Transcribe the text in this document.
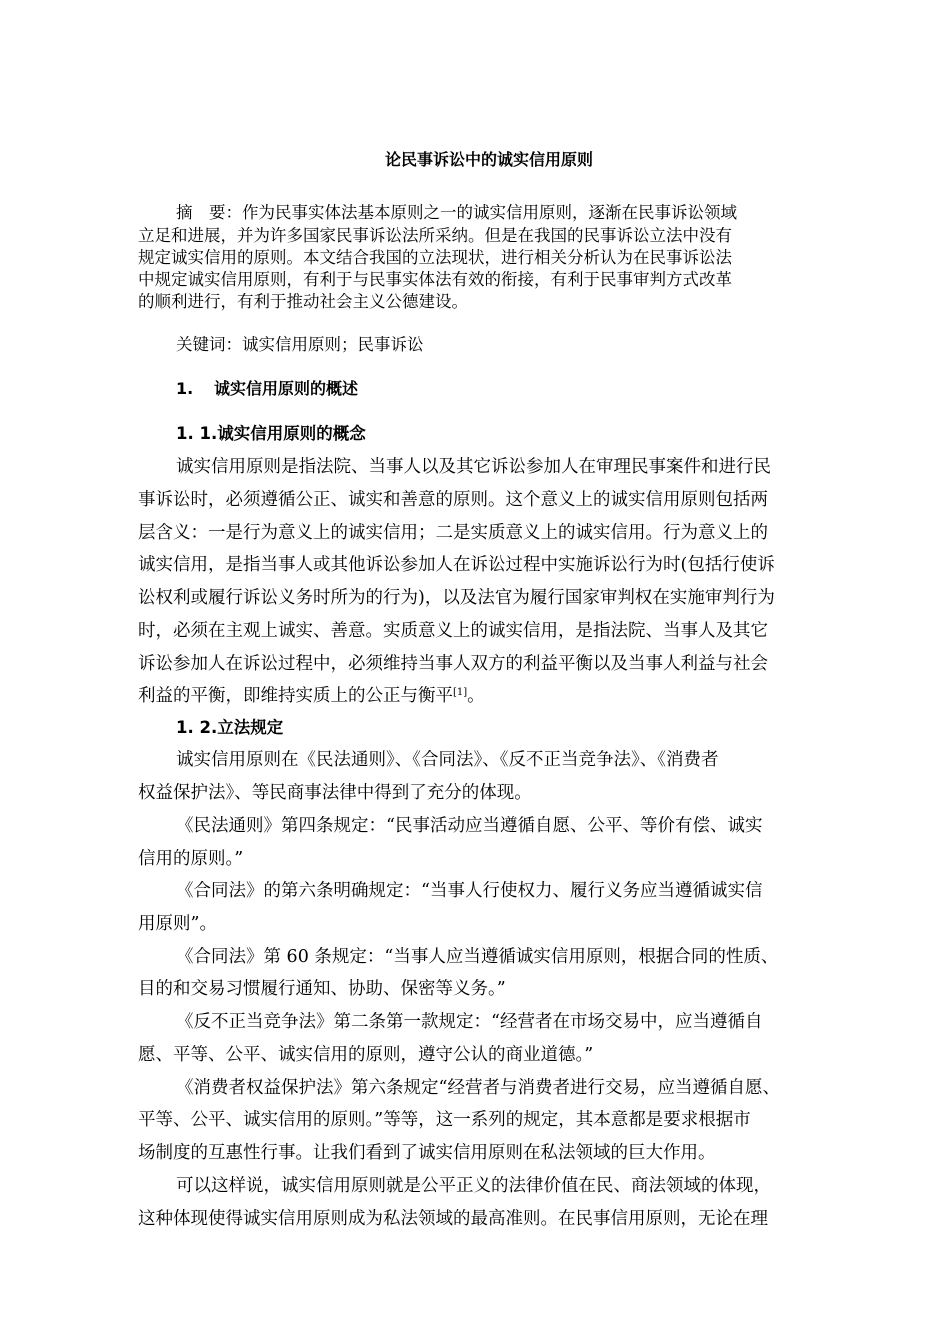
论民事诉讼中的诚实信用原则

摘　要：作为民事实体法基本原则之一的诚实信用原则，逐渐在民事诉讼领域

立足和进展，并为许多国家民事诉讼法所采纳。但是在我国的民事诉讼立法中没有

规定诚实信用的原则。本文结合我国的立法现状，进行相关分析认为在民事诉讼法

中规定诚实信用原则，有利于与民事实体法有效的衔接，有利于民事审判方式改革

的顺利进行，有利于推动社会主义公德建设。

关键词：诚实信用原则；民事诉讼

1. 诚实信用原则的概述

1. 1.诚实信用原则的概念

诚实信用原则是指法院、当事人以及其它诉讼参加人在审理民事案件和进行民

事诉讼时，必须遵循公正、诚实和善意的原则。这个意义上的诚实信用原则包括两

层含义：一是行为意义上的诚实信用；二是实质意义上的诚实信用。行为意义上的

诚实信用，是指当事人或其他诉讼参加人在诉讼过程中实施诉讼行为时(包括行使诉

讼权利或履行诉讼义务时所为的行为)，以及法官为履行国家审判权在实施审判行为

时，必须在主观上诚实、善意。实质意义上的诚实信用，是指法院、当事人及其它

诉讼参加人在诉讼过程中，必须维持当事人双方的利益平衡以及当事人利益与社会

利益的平衡，即维持实质上的公正与衡平[1]。

1. 2.立法规定

诚实信用原则在《民法通则》、《合同法》、《反不正当竞争法》、《消费者

权益保护法》、等民商事法律中得到了充分的体现。

《民法通则》第四条规定：“民事活动应当遵循自愿、公平、等价有偿、诚实

信用的原则。”

《合同法》的第六条明确规定：“当事人行使权力、履行义务应当遵循诚实信

用原则”。

《合同法》第 60 条规定：“当事人应当遵循诚实信用原则，根据合同的性质、

目的和交易习惯履行通知、协助、保密等义务。”

《反不正当竞争法》第二条第一款规定：“经营者在市场交易中，应当遵循自

愿、平等、公平、诚实信用的原则，遵守公认的商业道德。”

《消费者权益保护法》第六条规定“经营者与消费者进行交易，应当遵循自愿、

平等、公平、诚实信用的原则。”等等，这一系列的规定，其本意都是要求根据市

场制度的互惠性行事。让我们看到了诚实信用原则在私法领域的巨大作用。

可以这样说，诚实信用原则就是公平正义的法律价值在民、商法领域的体现，

这种体现使得诚实信用原则成为私法领域的最高准则。在民事信用原则，无论在理
